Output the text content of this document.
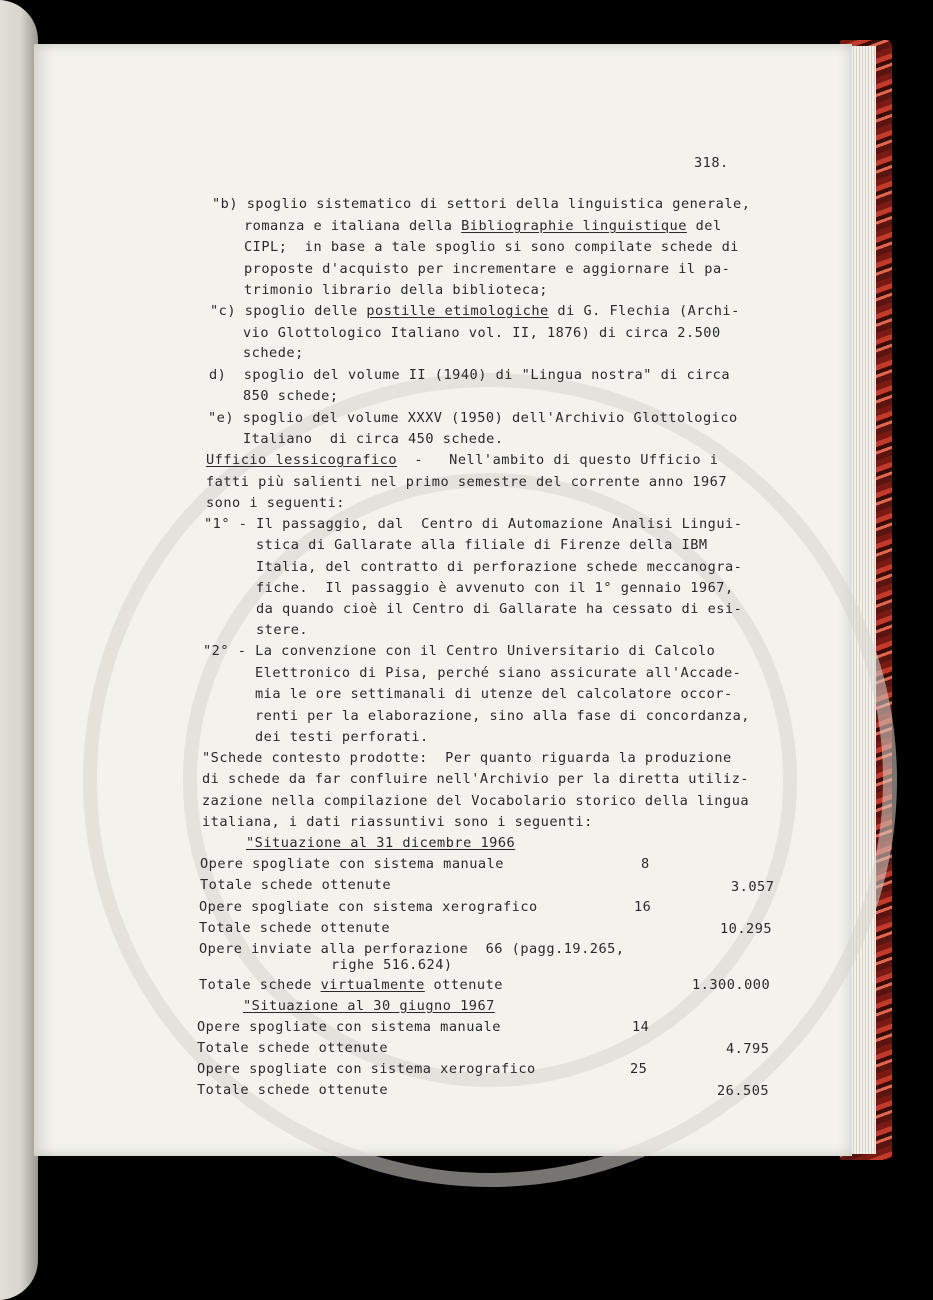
318.
"b) spoglio sistematico di settori della linguistica generale,
romanza e italiana della Bibliographie linguistique del
CIPL;  in base a tale spoglio si sono compilate schede di
proposte d'acquisto per incrementare e aggiornare il pa-
trimonio librario della biblioteca;
"c) spoglio delle postille etimologiche di G. Flechia (Archi-
vio Glottologico Italiano vol. II, 1876) di circa 2.500
schede;
d)  spoglio del volume II (1940) di "Lingua nostra" di circa
850 schede;
"e) spoglio del volume XXXV (1950) dell'Archivio Glottologico
Italiano  di circa 450 schede.
Ufficio lessicografico  -   Nell'ambito di questo Ufficio i
fatti più salienti nel primo semestre del corrente anno 1967
sono i seguenti:
"1° - Il passaggio, dal  Centro di Automazione Analisi Lingui-
stica di Gallarate alla filiale di Firenze della IBM
Italia, del contratto di perforazione schede meccanogra-
fiche.  Il passaggio è avvenuto con il 1° gennaio 1967,
da quando cioè il Centro di Gallarate ha cessato di esi-
stere.
"2° - La convenzione con il Centro Universitario di Calcolo
Elettronico di Pisa, perché siano assicurate all'Accade-
mia le ore settimanali di utenze del calcolatore occor-
renti per la elaborazione, sino alla fase di concordanza,
dei testi perforati.
"Schede contesto prodotte:  Per quanto riguarda la produzione
di schede da far confluire nell'Archivio per la diretta utiliz-
zazione nella compilazione del Vocabolario storico della lingua
italiana, i dati riassuntivi sono i seguenti:
"Situazione al 31 dicembre 1966
Opere spogliate con sistema manuale	8
Totale schede ottenute	3.057
Opere spogliate con sistema xerografico	16
Totale schede ottenute	10.295
Opere inviate alla perforazione  66 (pagg.19.265,
righe 516.624)
Totale schede virtualmente ottenute	1.300.000
"Situazione al 30 giugno 1967
Opere spogliate con sistema manuale	14
Totale schede ottenute	4.795
Opere spogliate con sistema xerografico	25
Totale schede ottenute	26.505
